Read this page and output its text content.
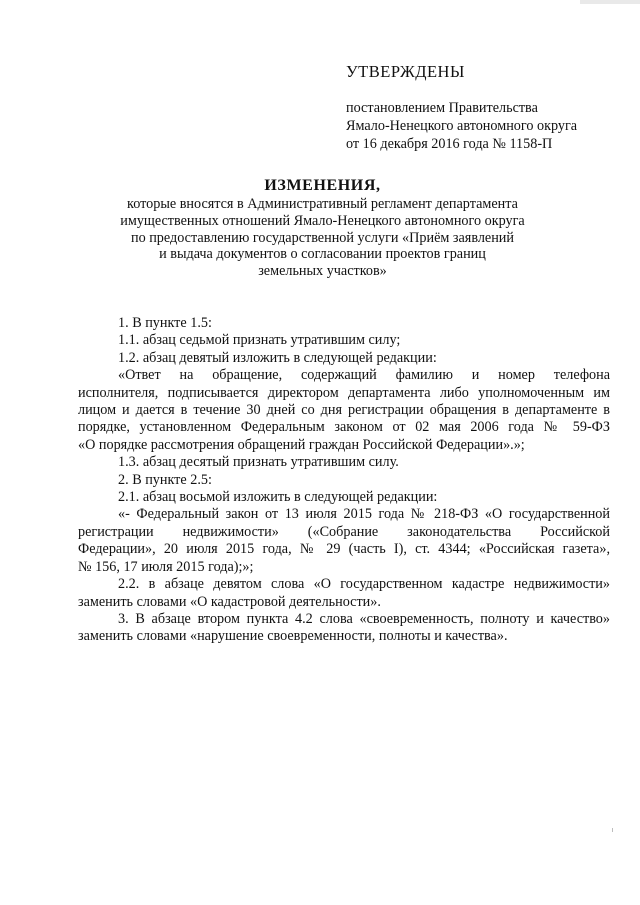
УТВЕРЖДЕНЫ
постановлением Правительства
Ямало-Ненецкого автономного округа
от 16 декабря 2016 года № 1158-П
ИЗМЕНЕНИЯ,
которые вносятся в Административный регламент департамента
имущественных отношений Ямало-Ненецкого автономного округа
по предоставлению государственной услуги «Приём заявлений
и выдача документов о согласовании проектов границ
земельных участков»

1. В пункте 1.5:

1.1. абзац седьмой признать утратившим силу;

1.2. абзац девятый изложить в следующей редакции:

«Ответ на обращение, содержащий фамилию и номер телефона

исполнителя, подписывается директором департамента либо уполномоченным им

лицом и дается в течение 30 дней со дня регистрации обращения в департаменте в

порядке, установленном Федеральным законом от 02 мая 2006 года № 59-ФЗ

«О порядке рассмотрения обращений граждан Российской Федерации».»;

1.3. абзац десятый признать утратившим силу.

2. В пункте 2.5:

2.1. абзац восьмой изложить в следующей редакции:

«- Федеральный закон от 13 июля 2015 года № 218-ФЗ «О государственной

регистрации недвижимости» («Собрание законодательства Российской

Федерации», 20 июля 2015 года, № 29 (часть I), ст. 4344; «Российская газета»,

№ 156, 17 июля 2015 года);»;

2.2. в абзаце девятом слова «О государственном кадастре недвижимости»

заменить словами «О кадастровой деятельности».

3. В абзаце втором пункта 4.2 слова «своевременность, полноту и качество»

заменить словами «нарушение своевременности, полноты и качества».
